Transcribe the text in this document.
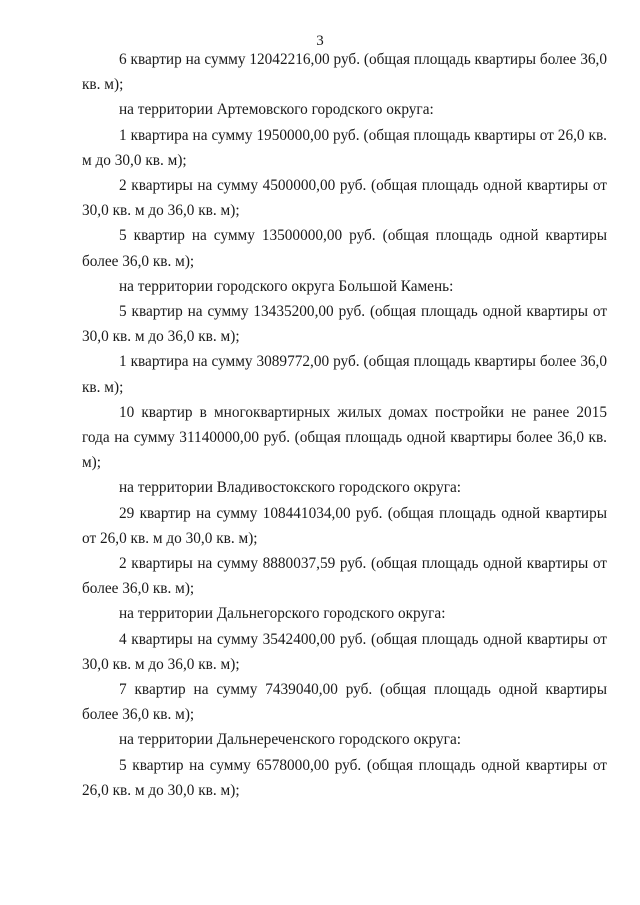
3

6 квартир на сумму 12042216,00 руб. (общая площадь квартиры более 36,0 кв. м);

на территории Артемовского городского округа:

1 квартира на сумму 1950000,00 руб. (общая площадь квартиры от 26,0 кв. м до 30,0 кв. м);

2 квартиры на сумму 4500000,00 руб. (общая площадь одной квартиры от 30,0 кв. м до 36,0 кв. м);

5 квартир на сумму 13500000,00 руб. (общая площадь одной квартиры более 36,0 кв. м);

на территории городского округа Большой Камень:

5 квартир на сумму 13435200,00 руб. (общая площадь одной квартиры от 30,0 кв. м до 36,0 кв. м);

1 квартира на сумму 3089772,00 руб. (общая площадь квартиры более 36,0 кв. м);

10 квартир в многоквартирных жилых домах постройки не ранее 2015 года на сумму 31140000,00 руб. (общая площадь одной квартиры более 36,0 кв. м);

на территории Владивостокского городского округа:

29 квартир на сумму 108441034,00 руб. (общая площадь одной квартиры от 26,0 кв. м до 30,0 кв. м);

2 квартиры на сумму 8880037,59 руб. (общая площадь одной квартиры от более 36,0 кв. м);

на территории Дальнегорского городского округа:

4 квартиры на сумму 3542400,00 руб. (общая площадь одной квартиры от 30,0 кв. м до 36,0 кв. м);

7 квартир на сумму 7439040,00 руб. (общая площадь одной квартиры более 36,0 кв. м);

на территории Дальнереченского городского округа:

5 квартир на сумму 6578000,00 руб. (общая площадь одной квартиры от 26,0 кв. м до 30,0 кв. м);
